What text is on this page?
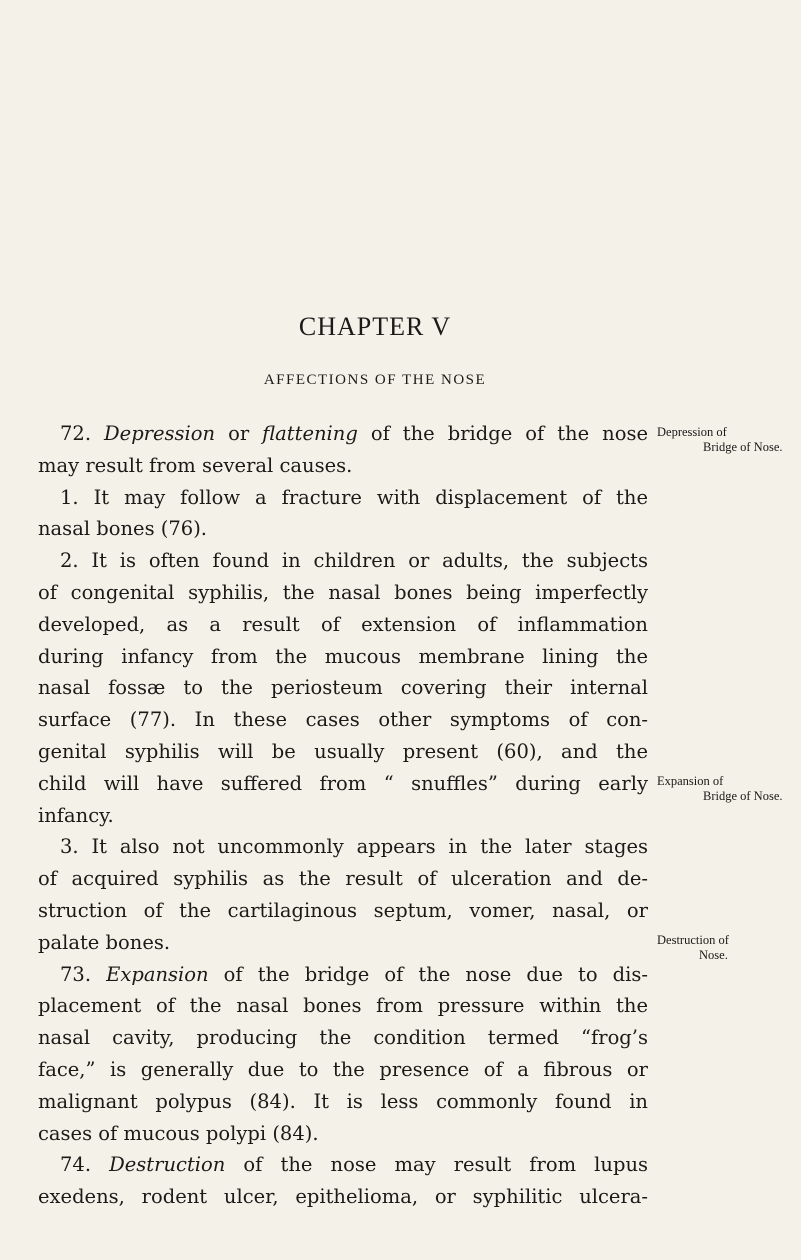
CHAPTER V
AFFECTIONS OF THE NOSE
72. Depression or flattening of the bridge of the nose
may result from several causes.
1. It may follow a fracture with displacement of the
nasal bones (76).
2. It is often found in children or adults, the subjects
of congenital syphilis, the nasal bones being imperfectly
developed, as a result of extension of inflammation
during infancy from the mucous membrane lining the
nasal fossæ to the periosteum covering their internal
surface (77). In these cases other symptoms of con-
genital syphilis will be usually present (60), and the
child will have suffered from “ snuffles” during early
infancy.
3. It also not uncommonly appears in the later stages
of acquired syphilis as the result of ulceration and de-
struction of the cartilaginous septum, vomer, nasal, or
palate bones.
73. Expansion of the bridge of the nose due to dis-
placement of the nasal bones from pressure within the
nasal cavity, producing the condition termed “frog’s
face,” is generally due to the presence of a fibrous or
malignant polypus (84). It is less commonly found in
cases of mucous polypi (84).
74. Destruction of the nose may result from lupus
exedens, rodent ulcer, epithelioma, or syphilitic ulcera-
Depression of
Bridge of Nose.
Expansion of
Bridge of Nose.
Destruction of
Nose.
